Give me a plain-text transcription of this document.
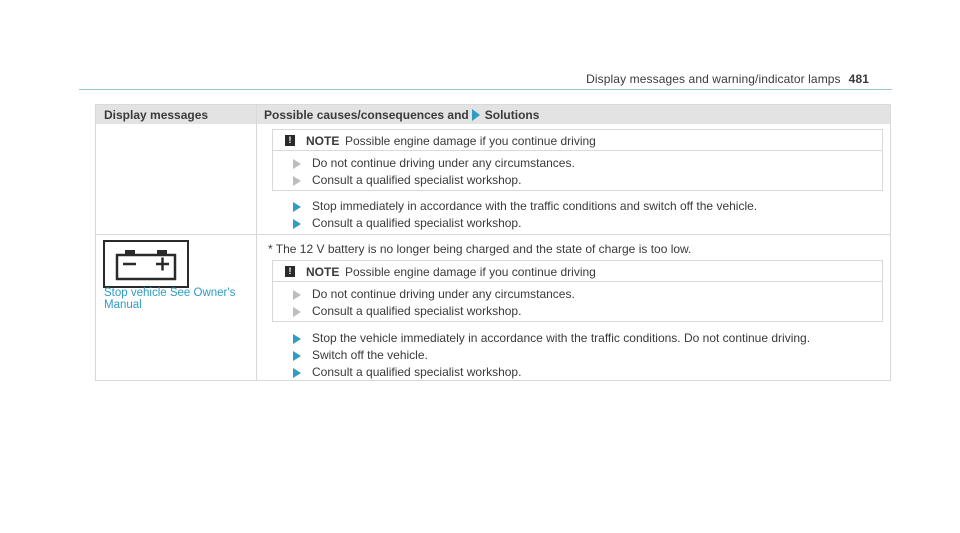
Display messages and warning/indicator lamps 481
Display messages	Possible causes/consequences and Solutions
! NOTE Possible engine damage if you continue driving
Do not continue driving under any circumstances.
Consult a qualified specialist workshop.
Stop immediately in accordance with the traffic conditions and switch off the vehicle.
Consult a qualified specialist workshop.
Stop vehicle See Owner's
Manual
* The 12 V battery is no longer being charged and the state of charge is too low.
! NOTE Possible engine damage if you continue driving
Do not continue driving under any circumstances.
Consult a qualified specialist workshop.
Stop the vehicle immediately in accordance with the traffic conditions. Do not continue driving.
Switch off the vehicle.
Consult a qualified specialist workshop.
